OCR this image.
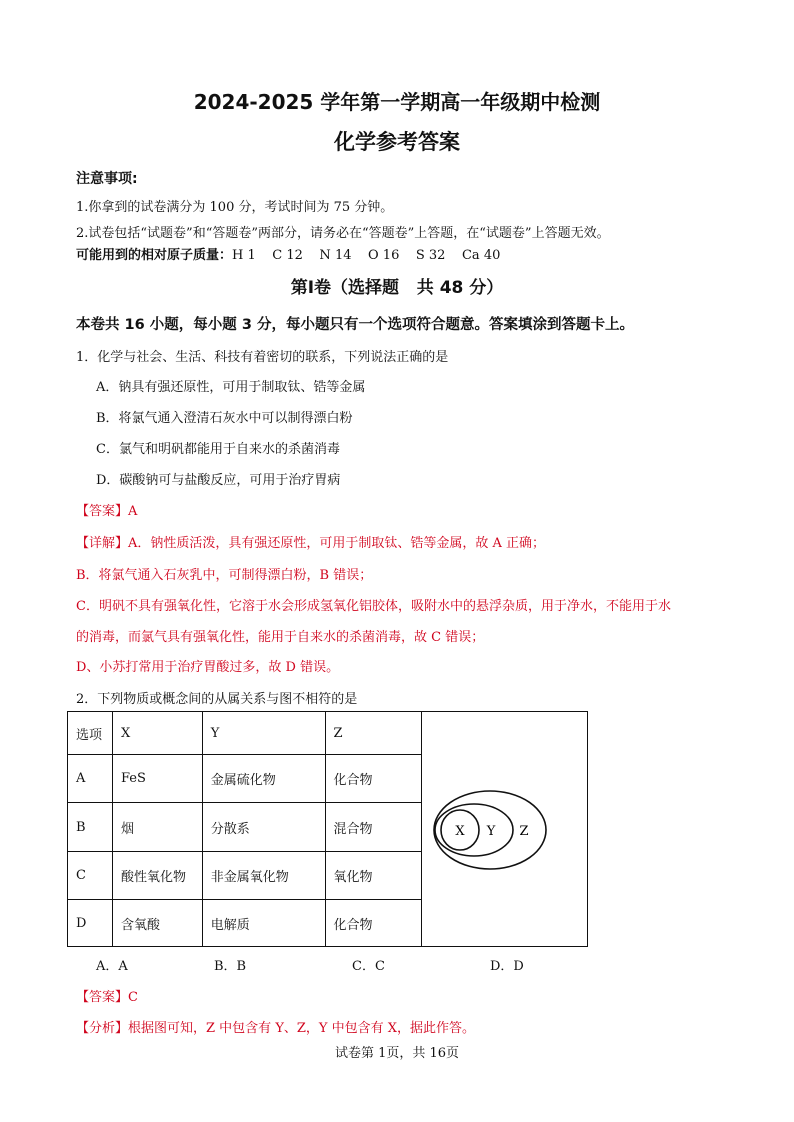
2024-2025 学年第一学期高一年级期中检测
化学参考答案
注意事项:
1.你拿到的试卷满分为 100 分，考试时间为 75 分钟。
2.试卷包括“试题卷”和“答题卷”两部分，请务必在“答题卷”上答题，在“试题卷”上答题无效。
可能用到的相对原子质量：H 1    C 12    N 14    O 16    S 32    Ca 40
第Ⅰ卷（选择题   共 48 分）
本卷共 16 小题，每小题 3 分，每小题只有一个选项符合题意。答案填涂到答题卡上。
1．化学与社会、生活、科技有着密切的联系，下列说法正确的是
A．钠具有强还原性，可用于制取钛、锆等金属
B．将氯气通入澄清石灰水中可以制得漂白粉
C．氯气和明矾都能用于自来水的杀菌消毒
D．碳酸钠可与盐酸反应，可用于治疗胃病
【答案】A
【详解】A．钠性质活泼，具有强还原性，可用于制取钛、锆等金属，故 A 正确；
B．将氯气通入石灰乳中，可制得漂白粉，B 错误；
C．明矾不具有强氧化性，它溶于水会形成氢氧化铝胶体，吸附水中的悬浮杂质，用于净水，不能用于水
的消毒，而氯气具有强氧化性，能用于自来水的杀菌消毒，故 C 错误；
D、小苏打常用于治疗胃酸过多，故 D 错误。
2．下列物质或概念间的从属关系与图不相符的是
选项	X	Y	Z	X Y Z

A	FeS	金属硫化物	化合物	
B	烟	分散系	混合物	
C	酸性氧化物	非金属氧化物	氧化物	
D	含氧酸	电解质	化合物	
A．A	B．B	C．C	D．D
【答案】C
【分析】根据图可知，Z 中包含有 Y、Z，Y 中包含有 X，据此作答。
试卷第 1页，共 16页
